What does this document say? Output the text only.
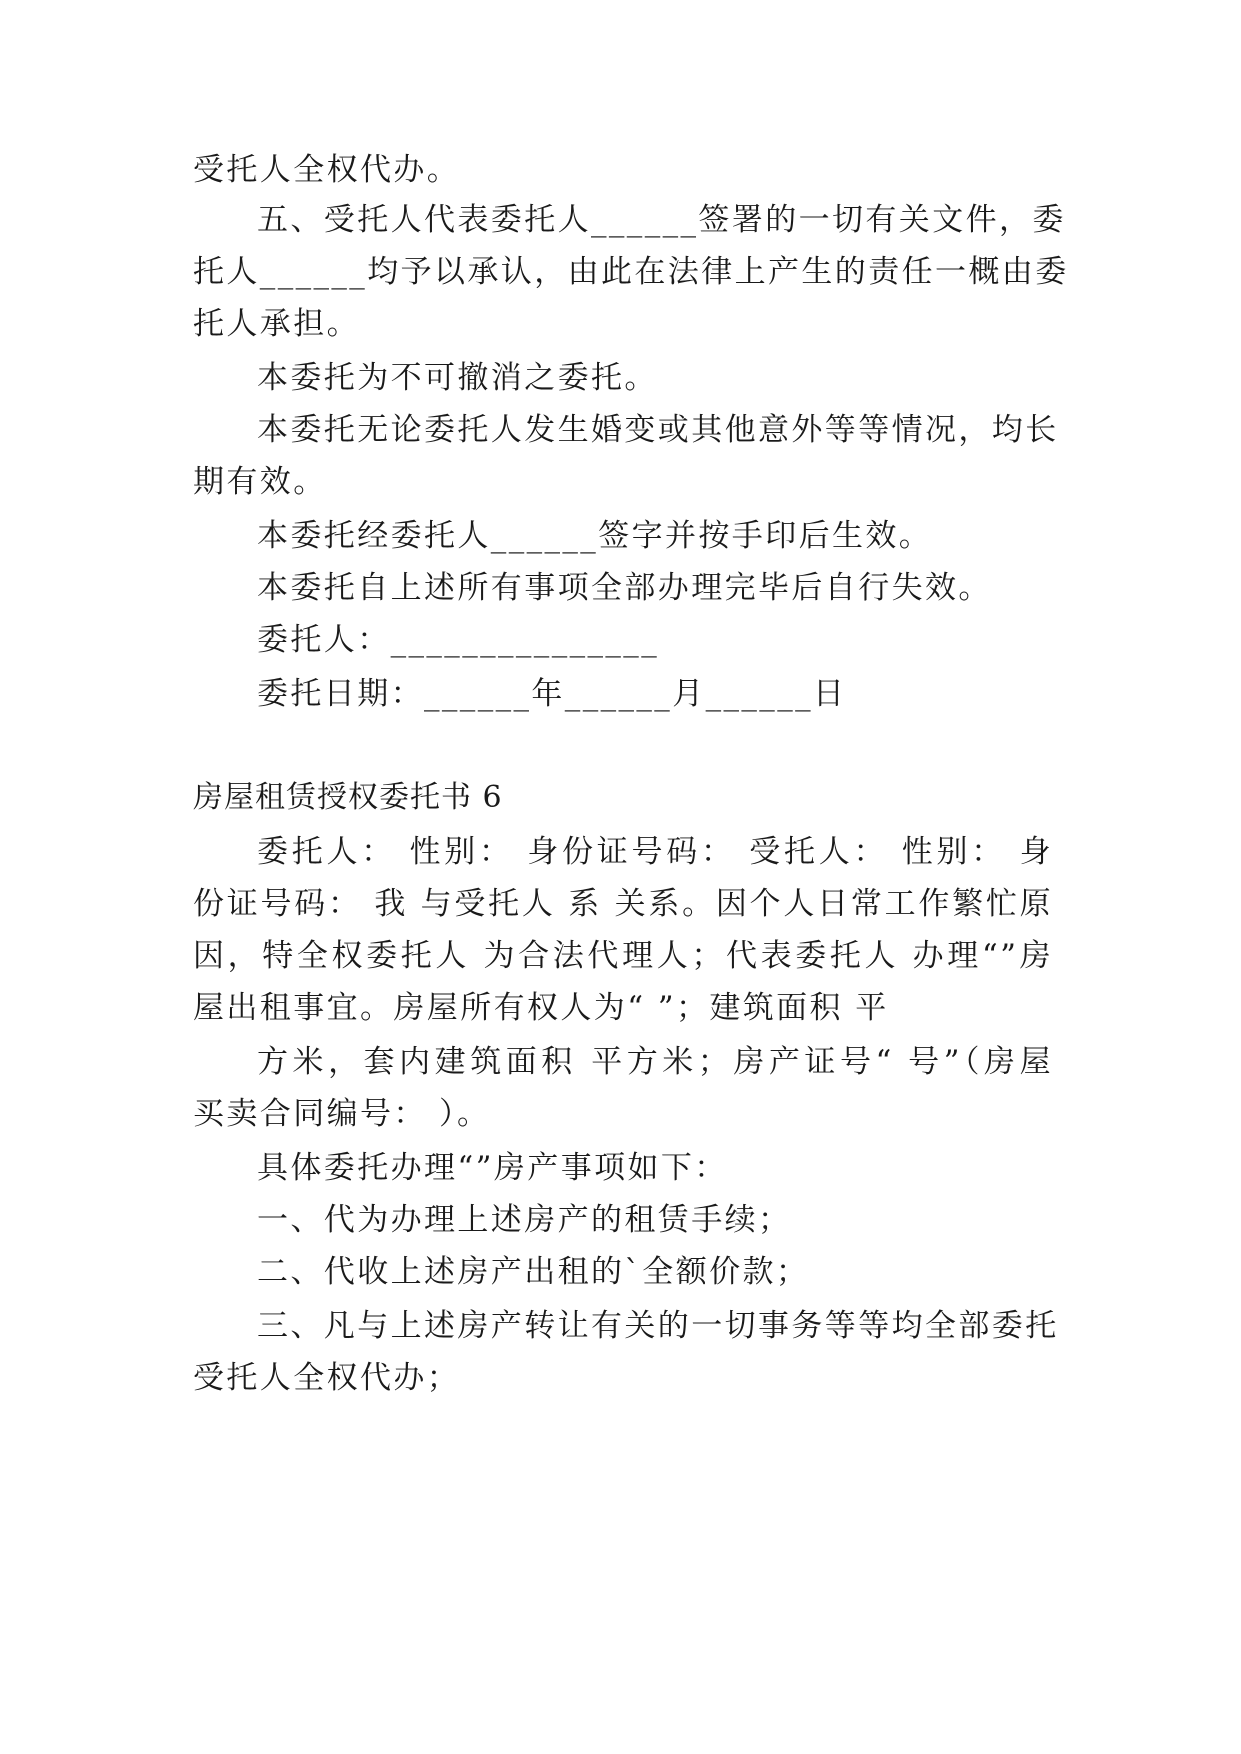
受托人全权代办。
五、受托人代表委托人______签署的一切有关文件，委
托人______均予以承认，由此在法律上产生的责任一概由委
托人承担。
本委托为不可撤消之委托。
本委托无论委托人发生婚变或其他意外等等情况，均长
期有效。
本委托经委托人______签字并按手印后生效。
本委托自上述所有事项全部办理完毕后自行失效。
委托人：_______________
委托日期：______年______月______日
房屋租赁授权委托书 6
委托人： 性别： 身份证号码： 受托人： 性别： 身
份证号码： 我 与受托人 系 关系。因个人日常工作繁忙原
因，特全权委托人 为合法代理人；代表委托人 办理“”房
屋出租事宜。房屋所有权人为“ ”；建筑面积 平
方米，套内建筑面积 平方米；房产证号“ 号”（房屋
买卖合同编号： ）。
具体委托办理“”房产事项如下：
一、代为办理上述房产的租赁手续；
二、代收上述房产出租的`全额价款；
三、凡与上述房产转让有关的一切事务等等均全部委托
受托人全权代办；
